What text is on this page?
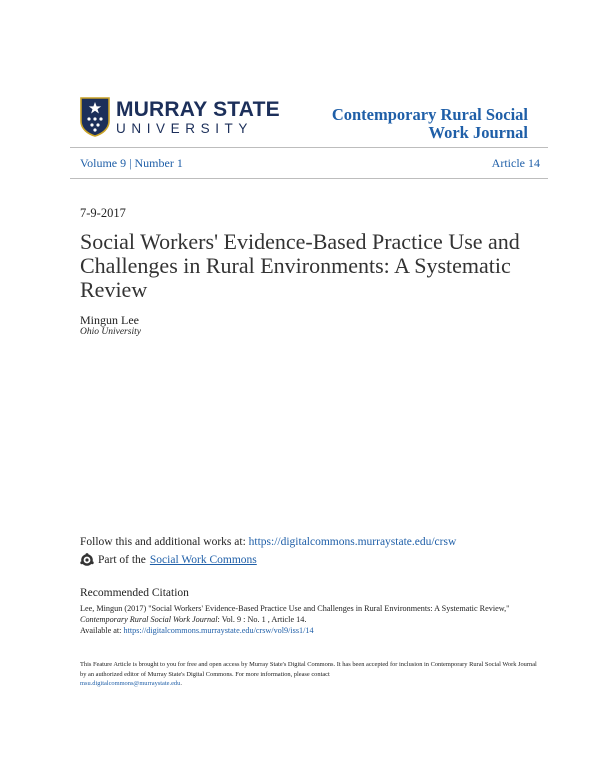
MURRAY STATE
UNIVERSITY
Contemporary Rural Social
Work Journal
Volume 9 | Number 1	Article 14
7-9-2017
Social Workers' Evidence-Based Practice Use and Challenges in Rural Environments: A Systematic Review
Mingun Lee
Ohio University
Follow this and additional works at: https://digitalcommons.murraystate.edu/crsw
Part of the Social Work Commons
Recommended Citation
Lee, Mingun (2017) "Social Workers' Evidence-Based Practice Use and Challenges in Rural Environments: A Systematic Review,"
Contemporary Rural Social Work Journal: Vol. 9 : No. 1 , Article 14.
Available at: https://digitalcommons.murraystate.edu/crsw/vol9/iss1/14
This Feature Article is brought to you for free and open access by Murray State's Digital Commons. It has been accepted for inclusion in Contemporary Rural Social Work Journal by an authorized editor of Murray State's Digital Commons. For more information, please contact
msu.digitalcommons@murraystate.edu.
